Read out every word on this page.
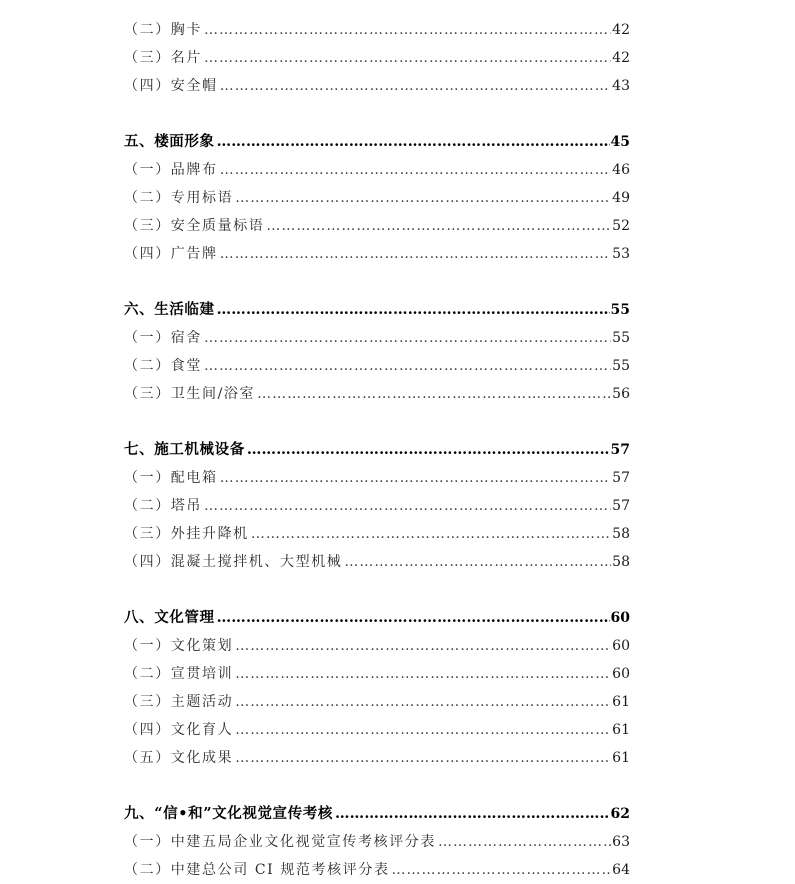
（二）胸卡 ………………………………………………………………………………………………………………………………………………………………………………	42
（三）名片 ………………………………………………………………………………………………………………………………………………………………………………	42
（四）安全帽 ………………………………………………………………………………………………………………………………………………………………………………	43
五、楼面形象 ………………………………………………………………………………………………………………………………………………………………………………	45
（一）品牌布 ………………………………………………………………………………………………………………………………………………………………………………	46
（二）专用标语 ………………………………………………………………………………………………………………………………………………………………………………	49
（三）安全质量标语 ………………………………………………………………………………………………………………………………………………………………………………	52
（四）广告牌 ………………………………………………………………………………………………………………………………………………………………………………	53
六、生活临建 ………………………………………………………………………………………………………………………………………………………………………………	55
（一）宿舍 ………………………………………………………………………………………………………………………………………………………………………………	55
（二）食堂 ………………………………………………………………………………………………………………………………………………………………………………	55
（三）卫生间/浴室 ………………………………………………………………………………………………………………………………………………………………………………	56
七、施工机械设备 ………………………………………………………………………………………………………………………………………………………………………………	57
（一）配电箱 ………………………………………………………………………………………………………………………………………………………………………………	57
（二）塔吊 ………………………………………………………………………………………………………………………………………………………………………………	57
（三）外挂升降机 ………………………………………………………………………………………………………………………………………………………………………………	58
（四）混凝土搅拌机、大型机械 ………………………………………………………………………………………………………………………………………………………………………………	58
八、文化管理 ………………………………………………………………………………………………………………………………………………………………………………	60
（一）文化策划 ………………………………………………………………………………………………………………………………………………………………………………	60
（二）宣贯培训 ………………………………………………………………………………………………………………………………………………………………………………	60
（三）主题活动 ………………………………………………………………………………………………………………………………………………………………………………	61
（四）文化育人 ………………………………………………………………………………………………………………………………………………………………………………	61
（五）文化成果 ………………………………………………………………………………………………………………………………………………………………………………	61
九、“信•和”文化视觉宣传考核 ………………………………………………………………………………………………………………………………………………………………………………	62
（一）中建五局企业文化视觉宣传考核评分表 ………………………………………………………………………………………………………………………………………………………………………………	63
（二）中建总公司 CI 规范考核评分表 ………………………………………………………………………………………………………………………………………………………………………………	64
